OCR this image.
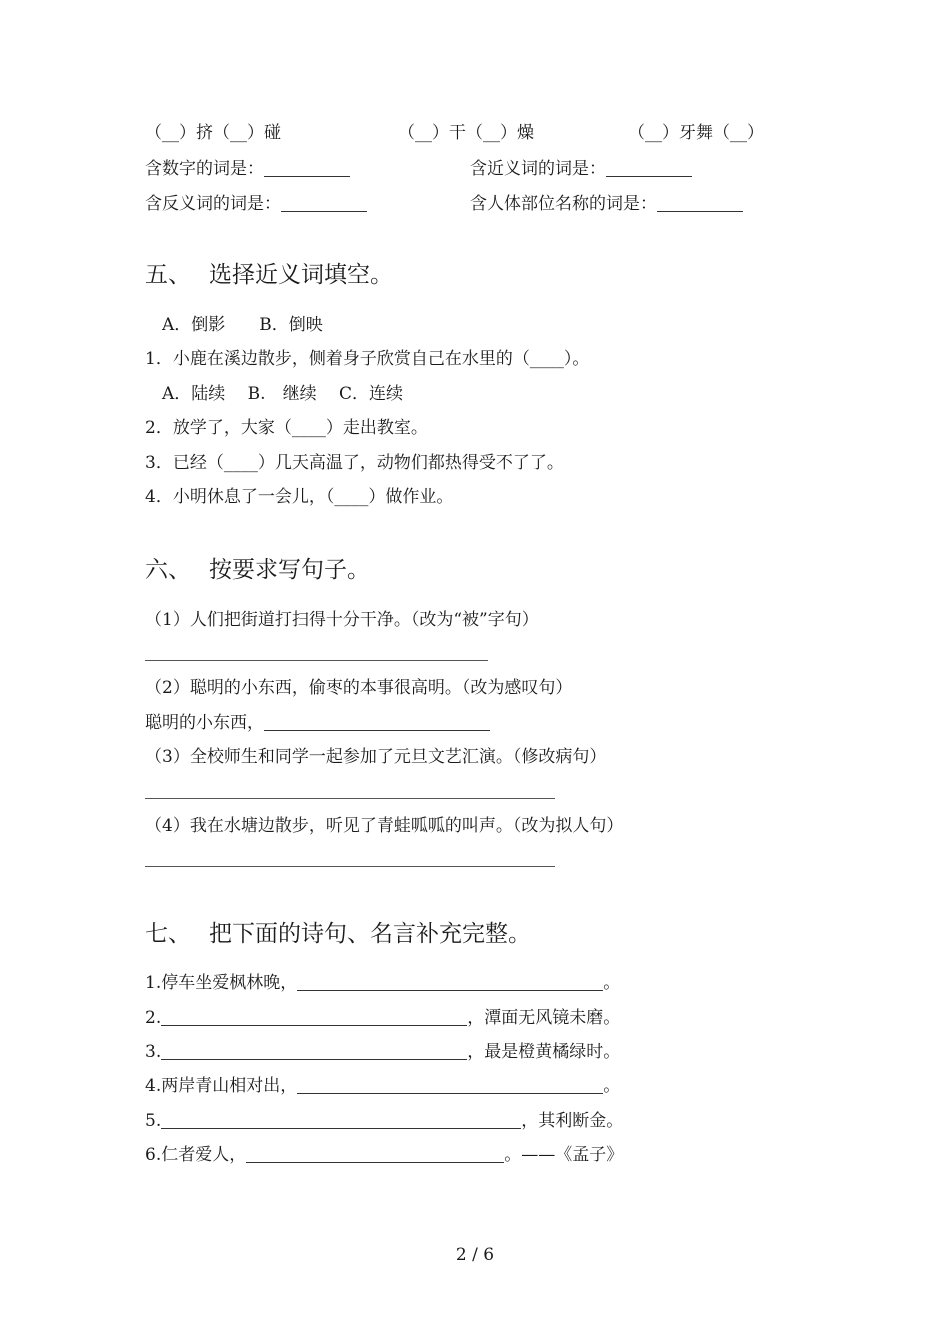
（__）挤（__）碰	（__）干（__）燥	（__）牙舞（__）
含数字的词是：	含近义词的词是：
含反义词的词是：	含人体部位名称的词是：
五、 选择近义词填空。
A．倒影　　B．倒映
1．小鹿在溪边散步，侧着身子欣赏自己在水里的（____）。
A．陆续　 B.　继续　 C．连续
2．放学了，大家（____）走出教室。
3．已经（____）几天高温了，动物们都热得受不了了。
4．小明休息了一会儿，（____）做作业。
六、 按要求写句子。
（1）人们把街道打扫得十分干净。（改为“被”字句）
（2）聪明的小东西，偷枣的本事很高明。（改为感叹句）
聪明的小东西，
（3）全校师生和同学一起参加了元旦文艺汇演。（修改病句）
（4）我在水塘边散步，听见了青蛙呱呱的叫声。（改为拟人句）
七、 把下面的诗句、名言补充完整。
1.停车坐爱枫林晚，	。
2.	，潭面无风镜未磨。
3.	，最是橙黄橘绿时。
4.两岸青山相对出，	。
5.	，其利断金。
6.仁者爱人，	。——《孟子》
2 / 6
